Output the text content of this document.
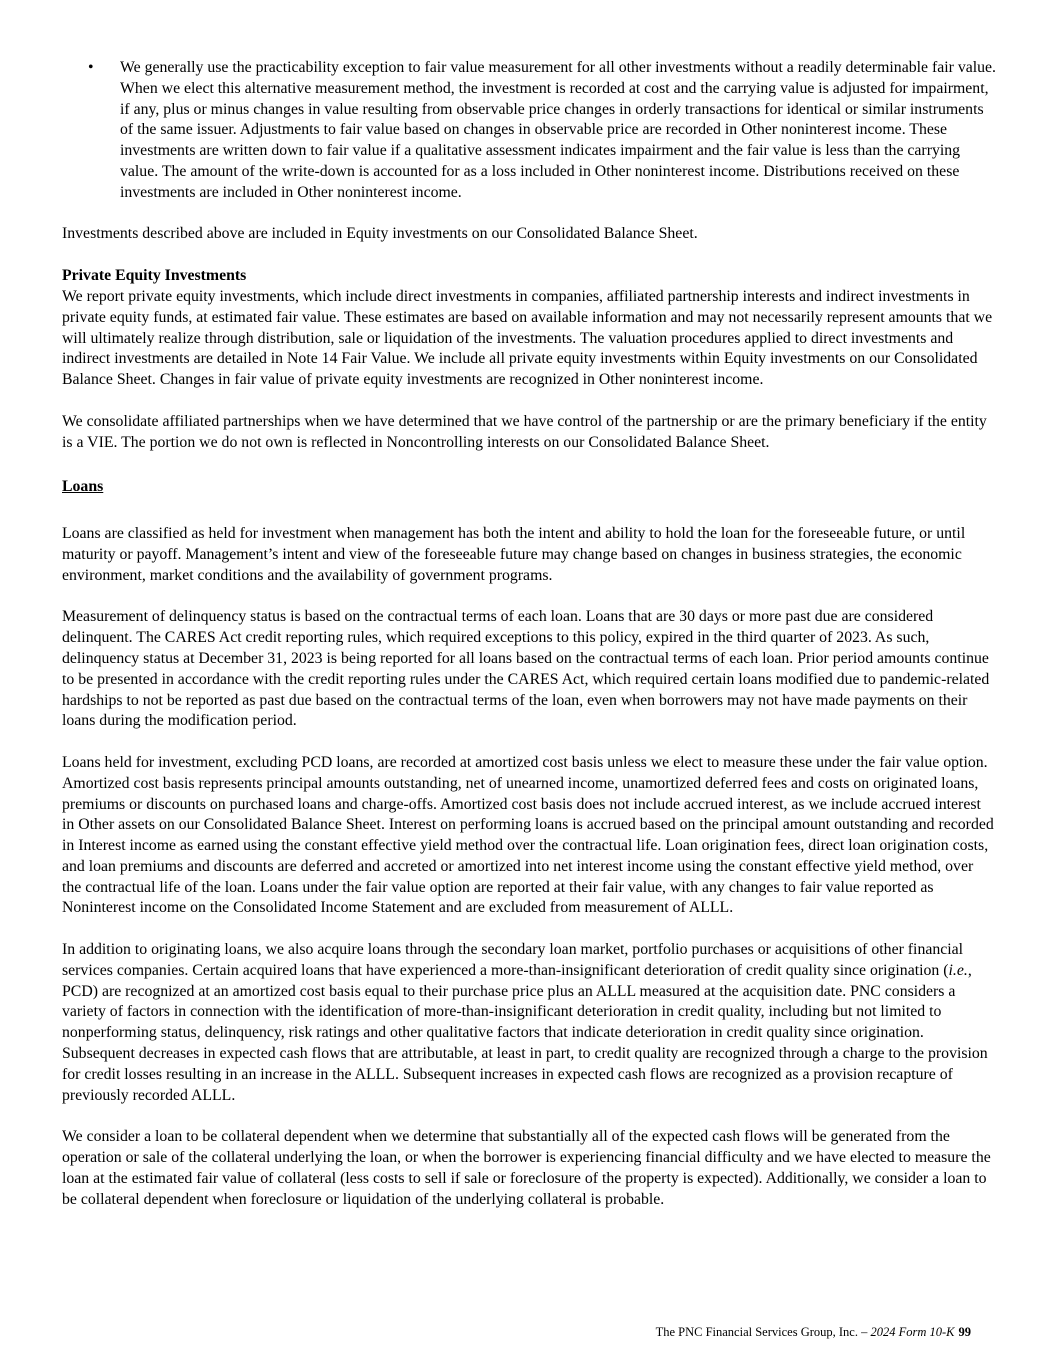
•	We generally use the practicability exception to fair value measurement for all other investments without a readily determinable fair value. When we elect this alternative measurement method, the investment is recorded at cost and the carrying value is adjusted for impairment, if any, plus or minus changes in value resulting from observable price changes in orderly transactions for identical or similar instruments of the same issuer. Adjustments to fair value based on changes in observable price are recorded in Other noninterest income. These investments are written down to fair value if a qualitative assessment indicates impairment and the fair value is less than the carrying value. The amount of the write-down is accounted for as a loss included in Other noninterest income. Distributions received on these investments are included in Other noninterest income.

Investments described above are included in Equity investments on our Consolidated Balance Sheet.

Private Equity Investments

We report private equity investments, which include direct investments in companies, affiliated partnership interests and indirect investments in private equity funds, at estimated fair value. These estimates are based on available information and may not necessarily represent amounts that we will ultimately realize through distribution, sale or liquidation of the investments. The valuation procedures applied to direct investments and indirect investments are detailed in Note 14 Fair Value. We include all private equity investments within Equity investments on our Consolidated Balance Sheet. Changes in fair value of private equity investments are recognized in Other noninterest income.

We consolidate affiliated partnerships when we have determined that we have control of the partnership or are the primary beneficiary if the entity is a VIE. The portion we do not own is reflected in Noncontrolling interests on our Consolidated Balance Sheet.

Loans

Loans are classified as held for investment when management has both the intent and ability to hold the loan for the foreseeable future, or until maturity or payoff. Management’s intent and view of the foreseeable future may change based on changes in business strategies, the economic environment, market conditions and the availability of government programs.

Measurement of delinquency status is based on the contractual terms of each loan. Loans that are 30 days or more past due are considered delinquent. The CARES Act credit reporting rules, which required exceptions to this policy, expired in the third quarter of 2023. As such, delinquency status at December 31, 2023 is being reported for all loans based on the contractual terms of each loan. Prior period amounts continue to be presented in accordance with the credit reporting rules under the CARES Act, which required certain loans modified due to pandemic-related hardships to not be reported as past due based on the contractual terms of the loan, even when borrowers may not have made payments on their loans during the modification period.

Loans held for investment, excluding PCD loans, are recorded at amortized cost basis unless we elect to measure these under the fair value option. Amortized cost basis represents principal amounts outstanding, net of unearned income, unamortized deferred fees and costs on originated loans, premiums or discounts on purchased loans and charge-offs. Amortized cost basis does not include accrued interest, as we include accrued interest in Other assets on our Consolidated Balance Sheet. Interest on performing loans is accrued based on the principal amount outstanding and recorded in Interest income as earned using the constant effective yield method over the contractual life. Loan origination fees, direct loan origination costs, and loan premiums and discounts are deferred and accreted or amortized into net interest income using the constant effective yield method, over the contractual life of the loan. Loans under the fair value option are reported at their fair value, with any changes to fair value reported as Noninterest income on the Consolidated Income Statement and are excluded from measurement of ALLL.

In addition to originating loans, we also acquire loans through the secondary loan market, portfolio purchases or acquisitions of other financial services companies. Certain acquired loans that have experienced a more-than-insignificant deterioration of credit quality since origination (i.e., PCD) are recognized at an amortized cost basis equal to their purchase price plus an ALLL measured at the acquisition date. PNC considers a variety of factors in connection with the identification of more-than-insignificant deterioration in credit quality, including but not limited to nonperforming status, delinquency, risk ratings and other qualitative factors that indicate deterioration in credit quality since origination. Subsequent decreases in expected cash flows that are attributable, at least in part, to credit quality are recognized through a charge to the provision for credit losses resulting in an increase in the ALLL. Subsequent increases in expected cash flows are recognized as a provision recapture of previously recorded ALLL.

We consider a loan to be collateral dependent when we determine that substantially all of the expected cash flows will be generated from the operation or sale of the collateral underlying the loan, or when the borrower is experiencing financial difficulty and we have elected to measure the loan at the estimated fair value of collateral (less costs to sell if sale or foreclosure of the property is expected). Additionally, we consider a loan to be collateral dependent when foreclosure or liquidation of the underlying collateral is probable.

The PNC Financial Services Group, Inc. – 2024 Form 10-K 99
